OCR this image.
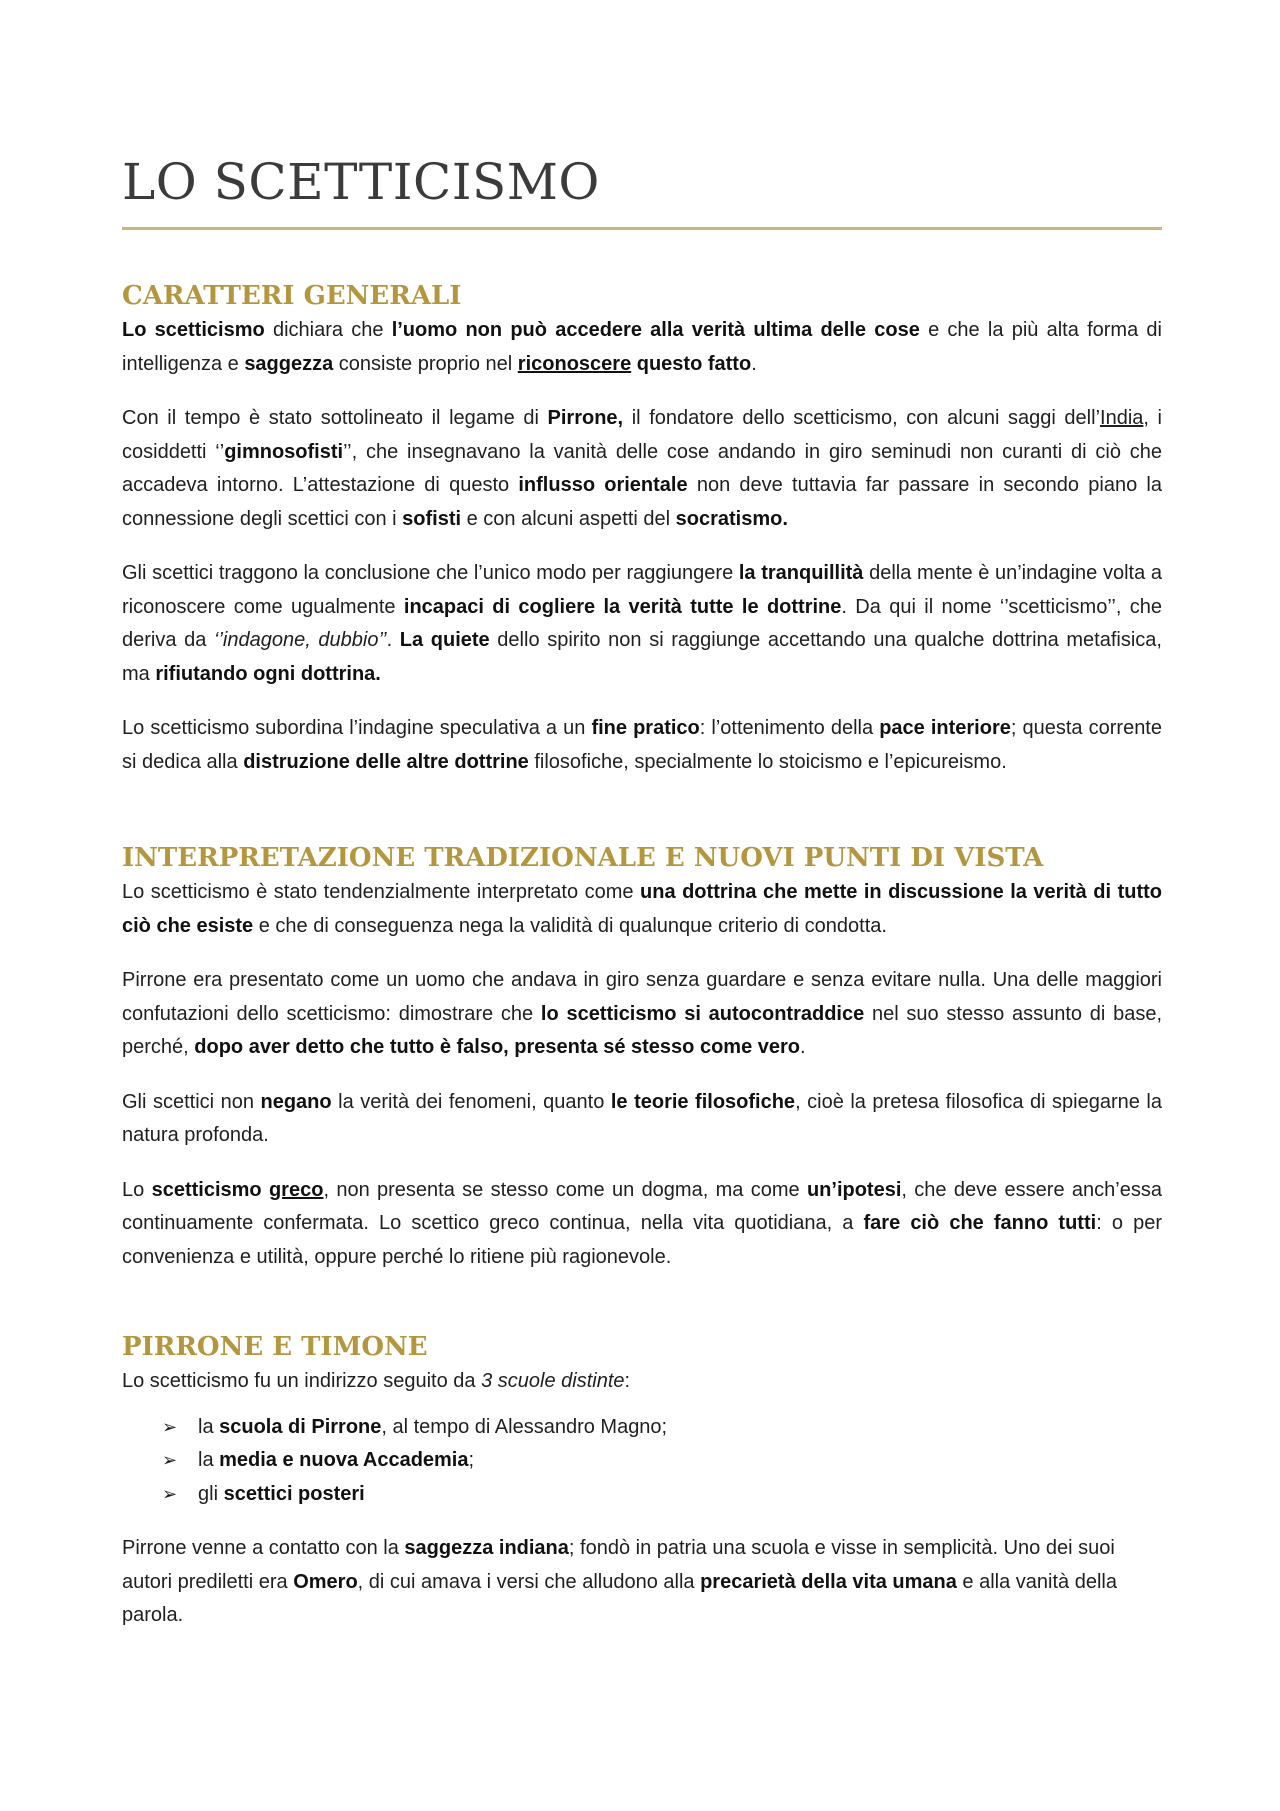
LO SCETTICISMO
CARATTERI GENERALI

Lo scetticismo dichiara che l’uomo non può accedere alla verità ultima delle cose e che la più alta forma di intelligenza e saggezza consiste proprio nel riconoscere questo fatto.

Con il tempo è stato sottolineato il legame di Pirrone, il fondatore dello scetticismo, con alcuni saggi dell’India, i cosiddetti ‘’gimnosofisti’’, che insegnavano la vanità delle cose andando in giro seminudi non curanti di ciò che accadeva intorno. L’attestazione di questo influsso orientale non deve tuttavia far passare in secondo piano la connessione degli scettici con i sofisti e con alcuni aspetti del socratismo.

Gli scettici traggono la conclusione che l’unico modo per raggiungere la tranquillità della mente è un’indagine volta a riconoscere come ugualmente incapaci di cogliere la verità tutte le dottrine. Da qui il nome ‘’scetticismo’’, che deriva da ‘’indagone, dubbio’’. La quiete dello spirito non si raggiunge accettando una qualche dottrina metafisica, ma rifiutando ogni dottrina.

Lo scetticismo subordina l’indagine speculativa a un fine pratico: l’ottenimento della pace interiore; questa corrente si dedica alla distruzione delle altre dottrine filosofiche, specialmente lo stoicismo e l’epicureismo.

INTERPRETAZIONE TRADIZIONALE E NUOVI PUNTI DI VISTA

Lo scetticismo è stato tendenzialmente interpretato come una dottrina che mette in discussione la verità di tutto ciò che esiste e che di conseguenza nega la validità di qualunque criterio di condotta.

Pirrone era presentato come un uomo che andava in giro senza guardare e senza evitare nulla. Una delle maggiori confutazioni dello scetticismo: dimostrare che lo scetticismo si autocontraddice nel suo stesso assunto di base, perché, dopo aver detto che tutto è falso, presenta sé stesso come vero.

Gli scettici non negano la verità dei fenomeni, quanto le teorie filosofiche, cioè la pretesa filosofica di spiegarne la natura profonda.

Lo scetticismo greco, non presenta se stesso come un dogma, ma come un’ipotesi, che deve essere anch’essa continuamente confermata. Lo scettico greco continua, nella vita quotidiana, a fare ciò che fanno tutti: o per convenienza e utilità, oppure perché lo ritiene più ragionevole.

PIRRONE E TIMONE

Lo scetticismo fu un indirizzo seguito da 3 scuole distinte:

➢ la scuola di Pirrone, al tempo di Alessandro Magno;
➢ la media e nuova Accademia;
➢ gli scettici posteri

Pirrone venne a contatto con la saggezza indiana; fondò in patria una scuola e visse in semplicità. Uno dei suoi autori prediletti era Omero, di cui amava i versi che alludono alla precarietà della vita umana e alla vanità della parola.
